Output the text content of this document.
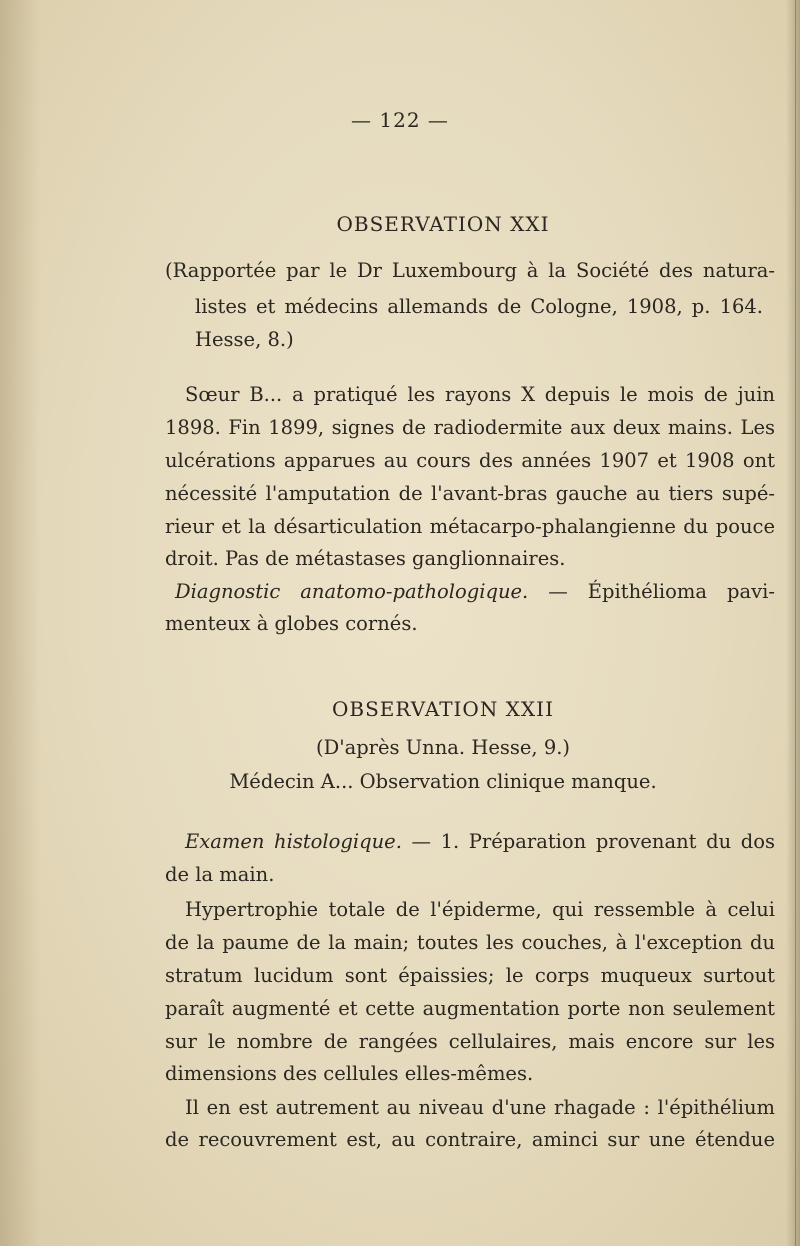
— 122 —
OBSERVATION XXI
(Rapportée par le Dr Luxembourg à la Société des natura-
listes et médecins allemands de Cologne, 1908, p. 164.
Hesse, 8.)
Sœur B... a pratiqué les rayons X depuis le mois de juin
1898. Fin 1899, signes de radiodermite aux deux mains. Les
ulcérations apparues au cours des années 1907 et 1908 ont
nécessité l'amputation de l'avant-bras gauche au tiers supé-
rieur et la désarticulation métacarpo-phalangienne du pouce
droit. Pas de métastases ganglionnaires.
Diagnostic anatomo-pathologique. — Épithélioma pavi-
menteux à globes cornés.
OBSERVATION XXII
(D'après Unna. Hesse, 9.)
Médecin A... Observation clinique manque.
Examen histologique. — 1. Préparation provenant du dos
de la main.
Hypertrophie totale de l'épiderme, qui ressemble à celui
de la paume de la main; toutes les couches, à l'exception du
stratum lucidum sont épaissies; le corps muqueux surtout
paraît augmenté et cette augmentation porte non seulement
sur le nombre de rangées cellulaires, mais encore sur les
dimensions des cellules elles-mêmes.
Il en est autrement au niveau d'une rhagade : l'épithélium
de recouvrement est, au contraire, aminci sur une étendue
